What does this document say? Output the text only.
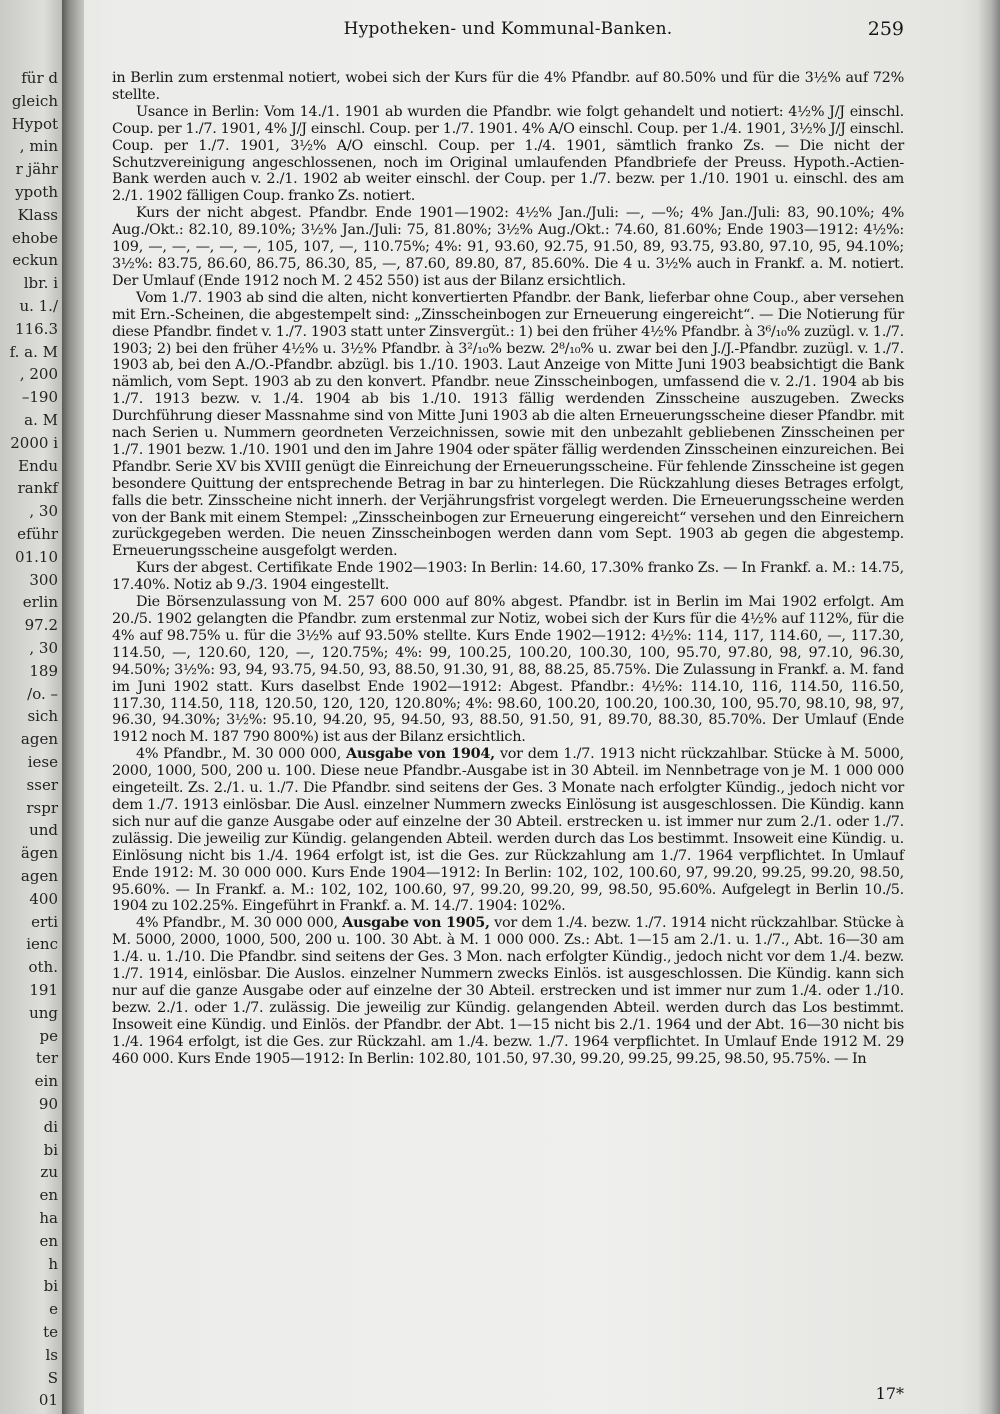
für d
gleich
Hypot
, min
r jähr
ypoth
Klass
ehobe
eckun
lbr. i
u. 1./
116.3
f. a. M
, 200
–190
a. M
2000 i
Endu
rankf
, 30
eführ
01.10
300
erlin
97.2
, 30
189
/o. –
sich
agen
iese
sser
rspr
und
ägen
agen
400
erti
ienc
oth.
191
ung
pe
ter
ein
90
di
bi
zu
en
ha
en
h
bi
e
te
ls
S
01
Hypotheken- und Kommunal-Banken.	259

in Berlin zum erstenmal notiert, wobei sich der Kurs für die 4% Pfandbr. auf 80.50% und für die 3½% auf 72% stellte.

Usance in Berlin: Vom 14./1. 1901 ab wurden die Pfandbr. wie folgt gehandelt und notiert: 4½% J/J einschl. Coup. per 1./7. 1901, 4% J/J einschl. Coup. per 1./7. 1901. 4% A/O einschl. Coup. per 1./4. 1901, 3½% J/J einschl. Coup. per 1./7. 1901, 3½% A/O einschl. Coup. per 1./4. 1901, sämtlich franko Zs. — Die nicht der Schutzvereinigung angeschlossenen, noch im Original umlaufenden Pfandbriefe der Preuss. Hypoth.-Actien-Bank werden auch v. 2./1. 1902 ab weiter einschl. der Coup. per 1./7. bezw. per 1./10. 1901 u. einschl. des am 2./1. 1902 fälligen Coup. franko Zs. notiert.

Kurs der nicht abgest. Pfandbr. Ende 1901—1902: 4½% Jan./Juli: —, —%; 4% Jan./Juli: 83, 90.10%; 4% Aug./Okt.: 82.10, 89.10%; 3½% Jan./Juli: 75, 81.80%; 3½% Aug./Okt.: 74.60, 81.60%; Ende 1903—1912: 4½%: 109, —, —, —, —, —, 105, 107, —, 110.75%; 4%: 91, 93.60, 92.75, 91.50, 89, 93.75, 93.80, 97.10, 95, 94.10%; 3½%: 83.75, 86.60, 86.75, 86.30, 85, —, 87.60, 89.80, 87, 85.60%. Die 4 u. 3½% auch in Frankf. a. M. notiert. Der Umlauf (Ende 1912 noch M. 2 452 550) ist aus der Bilanz ersichtlich.

Vom 1./7. 1903 ab sind die alten, nicht konvertierten Pfandbr. der Bank, lieferbar ohne Coup., aber versehen mit Ern.-Scheinen, die abgestempelt sind: „Zinsscheinbogen zur Erneuerung eingereicht“. — Die Notierung für diese Pfandbr. findet v. 1./7. 1903 statt unter Zinsvergüt.: 1) bei den früher 4½% Pfandbr. à 3⁶/₁₀% zuzügl. v. 1./7. 1903; 2) bei den früher 4½% u. 3½% Pfandbr. à 3²/₁₀% bezw. 2⁸/₁₀% u. zwar bei den J./J.-Pfandbr. zuzügl. v. 1./7. 1903 ab, bei den A./O.-Pfandbr. abzügl. bis 1./10. 1903. Laut Anzeige von Mitte Juni 1903 beabsichtigt die Bank nämlich, vom Sept. 1903 ab zu den konvert. Pfandbr. neue Zinsscheinbogen, umfassend die v. 2./1. 1904 ab bis 1./7. 1913 bezw. v. 1./4. 1904 ab bis 1./10. 1913 fällig werdenden Zinsscheine auszugeben. Zwecks Durchführung dieser Massnahme sind von Mitte Juni 1903 ab die alten Erneuerungsscheine dieser Pfandbr. mit nach Serien u. Nummern geordneten Verzeichnissen, sowie mit den unbezahlt gebliebenen Zinsscheinen per 1./7. 1901 bezw. 1./10. 1901 und den im Jahre 1904 oder später fällig werdenden Zinsscheinen einzureichen. Bei Pfandbr. Serie XV bis XVIII genügt die Einreichung der Erneuerungsscheine. Für fehlende Zinsscheine ist gegen besondere Quittung der entsprechende Betrag in bar zu hinterlegen. Die Rückzahlung dieses Betrages erfolgt, falls die betr. Zinsscheine nicht innerh. der Verjährungsfrist vorgelegt werden. Die Erneuerungsscheine werden von der Bank mit einem Stempel: „Zinsscheinbogen zur Erneuerung eingereicht“ versehen und den Einreichern zurückgegeben werden. Die neuen Zinsscheinbogen werden dann vom Sept. 1903 ab gegen die abgestemp. Erneuerungsscheine ausgefolgt werden.

Kurs der abgest. Certifikate Ende 1902—1903: In Berlin: 14.60, 17.30% franko Zs. — In Frankf. a. M.: 14.75, 17.40%. Notiz ab 9./3. 1904 eingestellt.

Die Börsenzulassung von M. 257 600 000 auf 80% abgest. Pfandbr. ist in Berlin im Mai 1902 erfolgt. Am 20./5. 1902 gelangten die Pfandbr. zum erstenmal zur Notiz, wobei sich der Kurs für die 4½% auf 112%, für die 4% auf 98.75% u. für die 3½% auf 93.50% stellte. Kurs Ende 1902—1912: 4½%: 114, 117, 114.60, —, 117.30, 114.50, —, 120.60, 120, —, 120.75%; 4%: 99, 100.25, 100.20, 100.30, 100, 95.70, 97.80, 98, 97.10, 96.30, 94.50%; 3½%: 93, 94, 93.75, 94.50, 93, 88.50, 91.30, 91, 88, 88.25, 85.75%. Die Zulassung in Frankf. a. M. fand im Juni 1902 statt. Kurs daselbst Ende 1902—1912: Abgest. Pfandbr.: 4½%: 114.10, 116, 114.50, 116.50, 117.30, 114.50, 118, 120.50, 120, 120, 120.80%; 4%: 98.60, 100.20, 100.20, 100.30, 100, 95.70, 98.10, 98, 97, 96.30, 94.30%; 3½%: 95.10, 94.20, 95, 94.50, 93, 88.50, 91.50, 91, 89.70, 88.30, 85.70%. Der Umlauf (Ende 1912 noch M. 187 790 800%) ist aus der Bilanz ersichtlich.

4% Pfandbr., M. 30 000 000, Ausgabe von 1904, vor dem 1./7. 1913 nicht rückzahlbar. Stücke à M. 5000, 2000, 1000, 500, 200 u. 100. Diese neue Pfandbr.-Ausgabe ist in 30 Abteil. im Nennbetrage von je M. 1 000 000 eingeteilt. Zs. 2./1. u. 1./7. Die Pfandbr. sind seitens der Ges. 3 Monate nach erfolgter Kündig., jedoch nicht vor dem 1./7. 1913 einlösbar. Die Ausl. einzelner Nummern zwecks Einlösung ist ausgeschlossen. Die Kündig. kann sich nur auf die ganze Ausgabe oder auf einzelne der 30 Abteil. erstrecken u. ist immer nur zum 2./1. oder 1./7. zulässig. Die jeweilig zur Kündig. gelangenden Abteil. werden durch das Los bestimmt. Insoweit eine Kündig. u. Einlösung nicht bis 1./4. 1964 erfolgt ist, ist die Ges. zur Rückzahlung am 1./7. 1964 verpflichtet. In Umlauf Ende 1912: M. 30 000 000. Kurs Ende 1904—1912: In Berlin: 102, 102, 100.60, 97, 99.20, 99.25, 99.20, 98.50, 95.60%. — In Frankf. a. M.: 102, 102, 100.60, 97, 99.20, 99.20, 99, 98.50, 95.60%. Aufgelegt in Berlin 10./5. 1904 zu 102.25%. Eingeführt in Frankf. a. M. 14./7. 1904: 102%.

4% Pfandbr., M. 30 000 000, Ausgabe von 1905, vor dem 1./4. bezw. 1./7. 1914 nicht rückzahlbar. Stücke à M. 5000, 2000, 1000, 500, 200 u. 100. 30 Abt. à M. 1 000 000. Zs.: Abt. 1—15 am 2./1. u. 1./7., Abt. 16—30 am 1./4. u. 1./10. Die Pfandbr. sind seitens der Ges. 3 Mon. nach erfolgter Kündig., jedoch nicht vor dem 1./4. bezw. 1./7. 1914, einlösbar. Die Auslos. einzelner Nummern zwecks Einlös. ist ausgeschlossen. Die Kündig. kann sich nur auf die ganze Ausgabe oder auf einzelne der 30 Abteil. erstrecken und ist immer nur zum 1./4. oder 1./10. bezw. 2./1. oder 1./7. zulässig. Die jeweilig zur Kündig. gelangenden Abteil. werden durch das Los bestimmt. Insoweit eine Kündig. und Einlös. der Pfandbr. der Abt. 1—15 nicht bis 2./1. 1964 und der Abt. 16—30 nicht bis 1./4. 1964 erfolgt, ist die Ges. zur Rückzahl. am 1./4. bezw. 1./7. 1964 verpflichtet. In Umlauf Ende 1912 M. 29 460 000. Kurs Ende 1905—1912: In Berlin: 102.80, 101.50, 97.30, 99.20, 99.25, 99.25, 98.50, 95.75%. — In

17*
